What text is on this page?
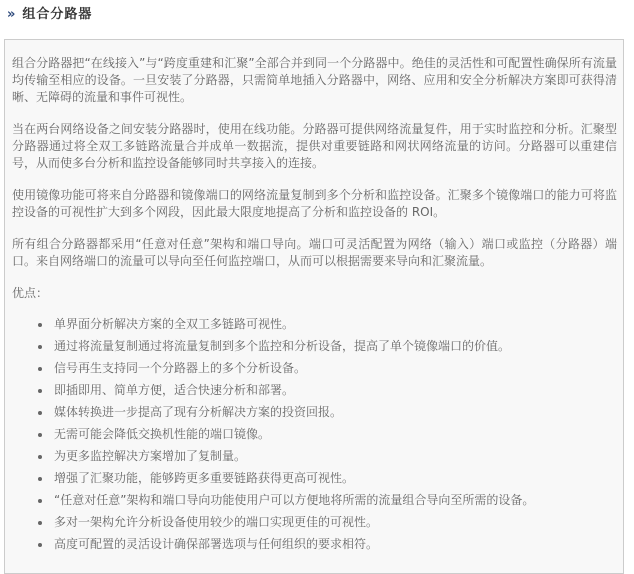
» 组合分路器

组合分路器把“在线接入”与“跨度重建和汇聚”全部合并到同一个分路器中。绝佳的灵活性和可配置性确保所有流量均传输至相应的设备。一旦安装了分路器，只需简单地插入分路器中，网络、应用和安全分析解决方案即可获得清晰、无障碍的流量和事件可视性。

当在两台网络设备之间安装分路器时，使用在线功能。分路器可提供网络流量复件，用于实时监控和分析。汇聚型分路器通过将全双工多链路流量合并成单一数据流，提供对重要链路和网状网络流量的访问。分路器可以重建信号，从而使多台分析和监控设备能够同时共享接入的连接。

使用镜像功能可将来自分路器和镜像端口的网络流量复制到多个分析和监控设备。汇聚多个镜像端口的能力可将监控设备的可视性扩大到多个网段，因此最大限度地提高了分析和监控设备的 ROI。

所有组合分路器都采用“任意对任意”架构和端口导向。端口可灵活配置为网络（输入）端口或监控（分路器）端口。来自网络端口的流量可以导向至任何监控端口，从而可以根据需要来导向和汇聚流量。

优点：

• 单界面分析解决方案的全双工多链路可视性。
• 通过将流量复制通过将流量复制到多个监控和分析设备，提高了单个镜像端口的价值。
• 信号再生支持同一个分路器上的多个分析设备。
• 即插即用、简单方便，适合快速分析和部署。
• 媒体转换进一步提高了现有分析解决方案的投资回报。
• 无需可能会降低交换机性能的端口镜像。
• 为更多监控解决方案增加了复制量。
• 增强了汇聚功能，能够跨更多重要链路获得更高可视性。
• “任意对任意”架构和端口导向功能使用户可以方便地将所需的流量组合导向至所需的设备。
• 多对一架构允许分析设备使用较少的端口实现更佳的可视性。
• 高度可配置的灵活设计确保部署选项与任何组织的要求相符。
